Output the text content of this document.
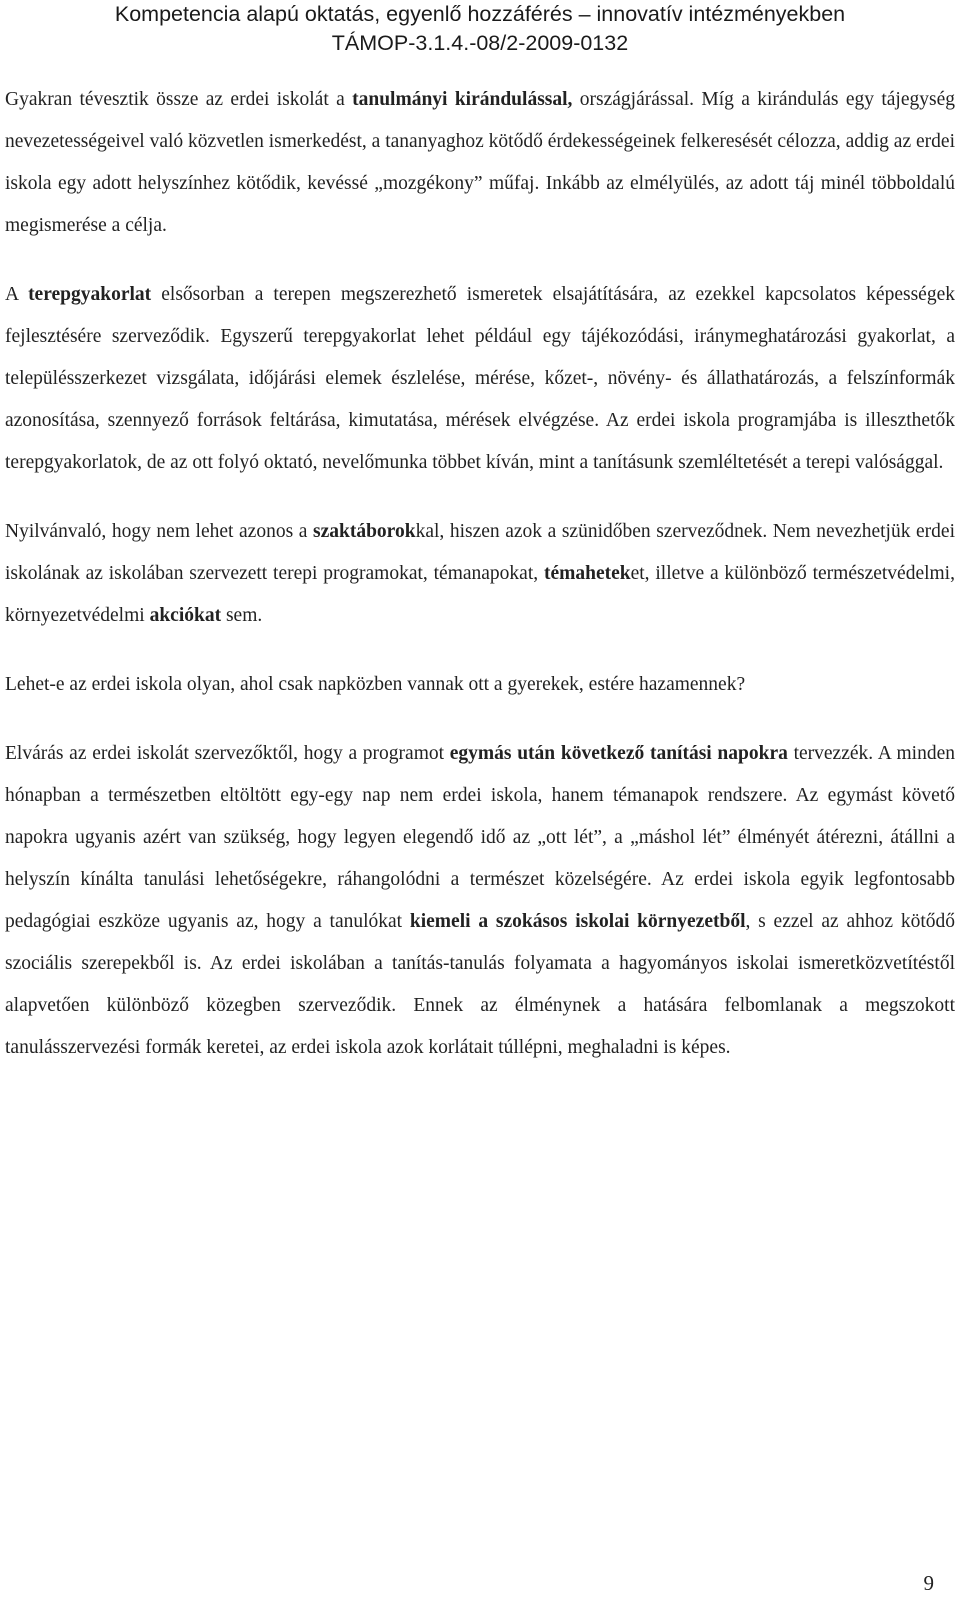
Kompetencia alapú oktatás, egyenlő hozzáférés – innovatív intézményekben
TÁMOP-3.1.4.-08/2-2009-0132

Gyakran tévesztik össze az erdei iskolát a tanulmányi kirándulással, országjárással. Míg a kirándulás egy tájegység nevezetességeivel való közvetlen ismerkedést, a tananyaghoz kötődő érdekességeinek felkeresését célozza, addig az erdei iskola egy adott helyszínhez kötődik, kevéssé „mozgékony” műfaj. Inkább az elmélyülés, az adott táj minél többoldalú megismerése a célja.

A terepgyakorlat elsősorban a terepen megszerezhető ismeretek elsajátítására, az ezekkel kapcsolatos képességek fejlesztésére szerveződik. Egyszerű terepgyakorlat lehet például egy tájékozódási, iránymeghatározási gyakorlat, a településszerkezet vizsgálata, időjárási elemek észlelése, mérése, kőzet-, növény- és állathatározás, a felszínformák azonosítása, szennyező források feltárása, kimutatása, mérések elvégzése. Az erdei iskola programjába is illeszthetők terepgyakorlatok, de az ott folyó oktató, nevelőmunka többet kíván, mint a tanításunk szemléltetését a terepi valósággal.

Nyilvánvaló, hogy nem lehet azonos a szaktáborokkal, hiszen azok a szünidőben szerveződnek. Nem nevezhetjük erdei iskolának az iskolában szervezett terepi programokat, témanapokat, témaheteket, illetve a különböző természetvédelmi, környezetvédelmi akciókat sem.

Lehet-e az erdei iskola olyan, ahol csak napközben vannak ott a gyerekek, estére hazamennek?

Elvárás az erdei iskolát szervezőktől, hogy a programot egymás után következő tanítási napokra tervezzék. A minden hónapban a természetben eltöltött egy-egy nap nem erdei iskola, hanem témanapok rendszere. Az egymást követő napokra ugyanis azért van szükség, hogy legyen elegendő idő az „ott lét”, a „máshol lét” élményét átérezni, átállni a helyszín kínálta tanulási lehetőségekre, ráhangolódni a természet közelségére. Az erdei iskola egyik legfontosabb pedagógiai eszköze ugyanis az, hogy a tanulókat kiemeli a szokásos iskolai környezetből, s ezzel az ahhoz kötődő szociális szerepekből is. Az erdei iskolában a tanítás-tanulás folyamata a hagyományos iskolai ismeretközvetítéstől alapvetően különböző közegben szerveződik. Ennek az élménynek a hatására felbomlanak a megszokott tanulásszervezési formák keretei, az erdei iskola azok korlátait túllépni, meghaladni is képes.

9
